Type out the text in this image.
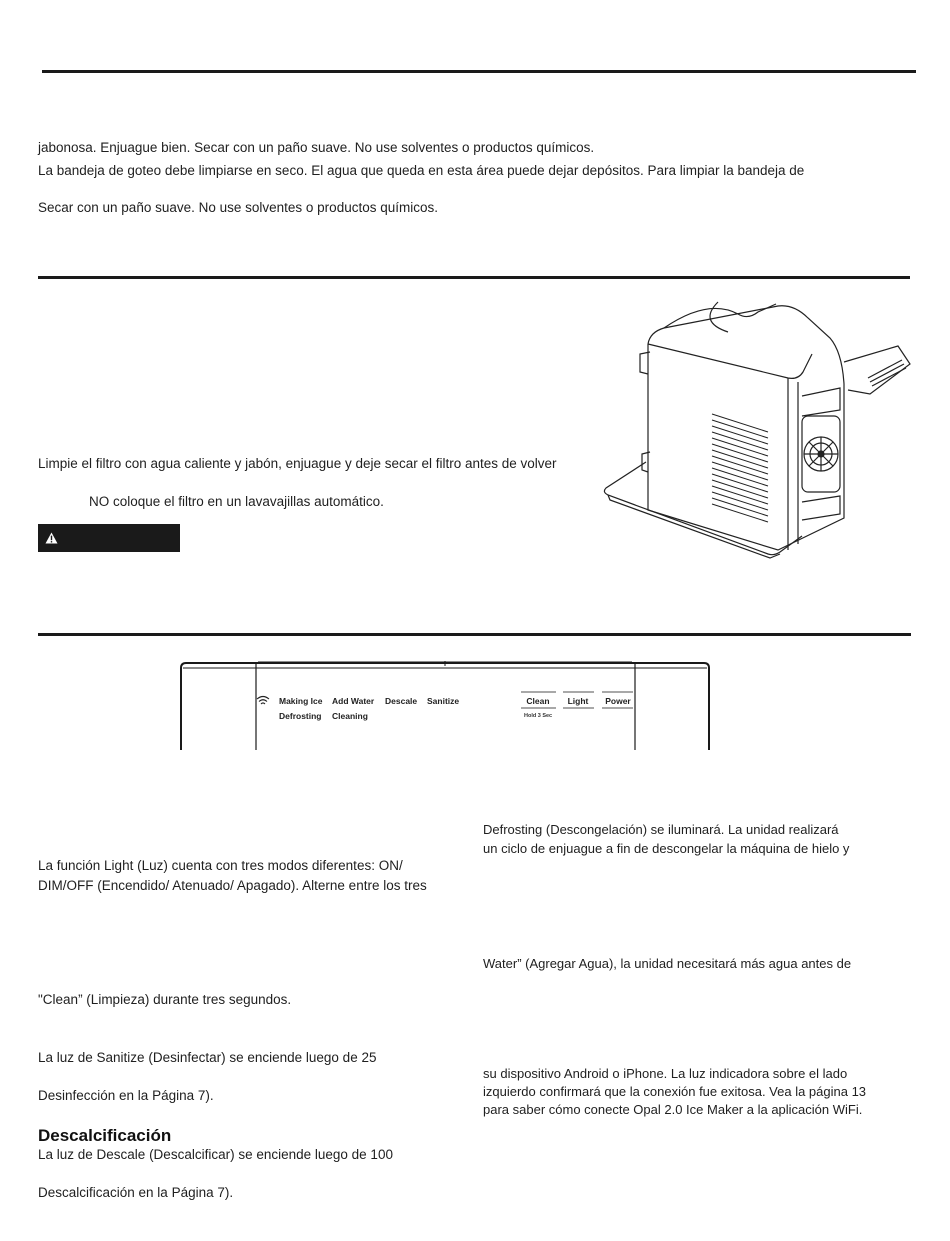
jabonosa. Enjuague bien. Secar con un paño suave. No use solventes o productos químicos.
La bandeja de goteo debe limpiarse en seco. El agua que queda en esta área puede dejar depósitos. Para limpiar la bandeja de
Secar con un paño suave. No use solventes o productos químicos.
Limpie el filtro con agua caliente y jabón, enjuague y deje secar el filtro antes de volver
NO coloque el filtro en un lavavajillas automático.
Making Ice Add Water Descale Sanitize
Defrosting Cleaning
Clean	Light	Power
Hold 3 Sec
La función Light (Luz) cuenta con tres modos diferentes: ON/
DIM/OFF (Encendido/ Atenuado/ Apagado). Alterne entre los tres
"Clean” (Limpieza) durante tres segundos.
La luz de Sanitize (Desinfectar) se enciende luego de 25
Desinfección en la Página 7).
Descalcificación
La luz de Descale (Descalcificar) se enciende luego de 100
Descalcificación en la Página 7).
Defrosting (Descongelación) se iluminará. La unidad realizará
un ciclo de enjuague a fin de descongelar la máquina de hielo y
Water” (Agregar Agua), la unidad necesitará más agua antes de
su dispositivo Android o iPhone. La luz indicadora sobre el lado
izquierdo confirmará que la conexión fue exitosa. Vea la página 13
para saber cómo conecte Opal 2.0 Ice Maker a la aplicación WiFi.
